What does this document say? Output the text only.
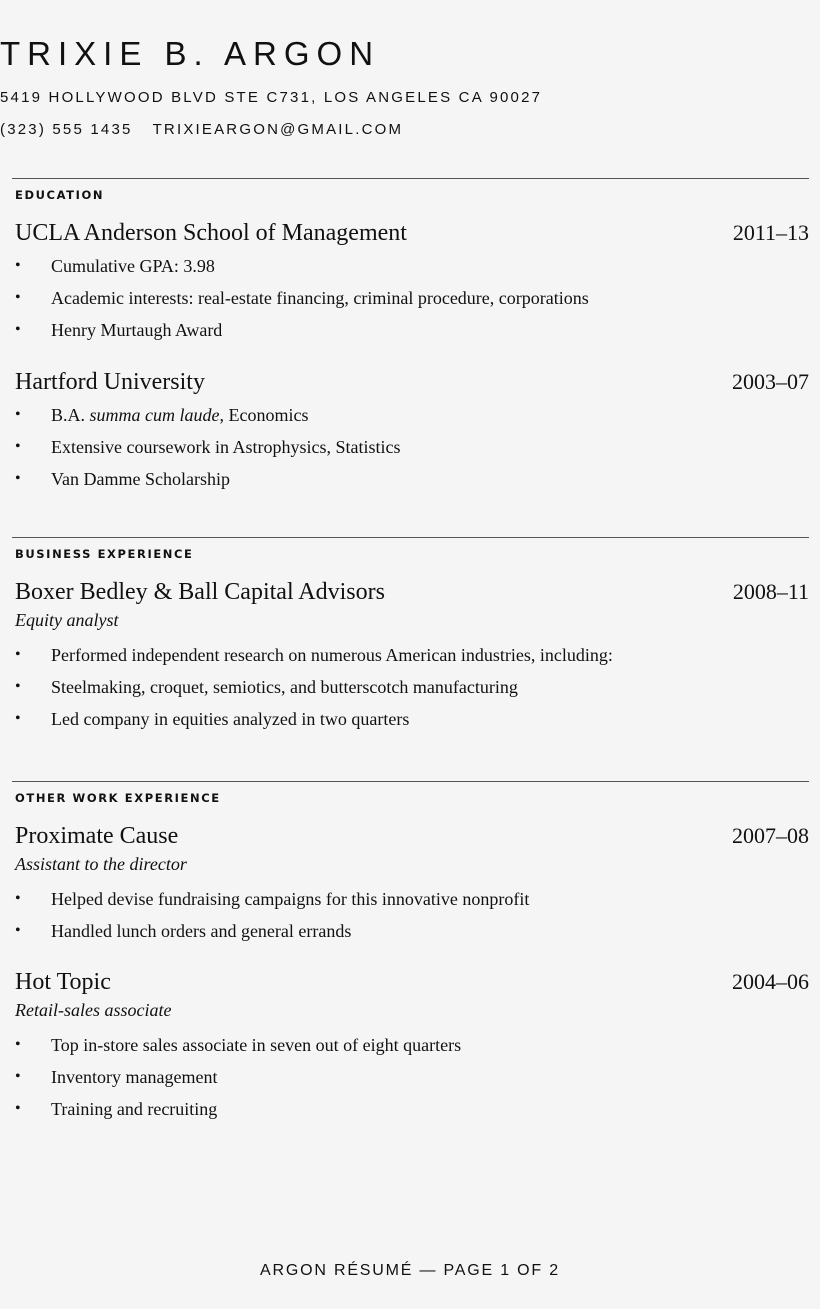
TRIXIE B. ARGON
5419 HOLLYWOOD BLVD STE C731, LOS ANGELES CA 90027
(323) 555 1435 TRIXIEARGON@GMAIL.COM
EDUCATION
UCLA Anderson School of Management	2011–13
• Cumulative GPA: 3.98
• Academic interests: real-estate financing, criminal procedure, corporations
• Henry Murtaugh Award
Hartford University	2003–07
• B.A. summa cum laude, Economics
• Extensive coursework in Astrophysics, Statistics
• Van Damme Scholarship
BUSINESS EXPERIENCE
Boxer Bedley & Ball Capital Advisors	2008–11
Equity analyst
• Performed independent research on numerous American industries, including:
• Steelmaking, croquet, semiotics, and butterscotch manufacturing
• Led company in equities analyzed in two quarters
OTHER WORK EXPERIENCE
Proximate Cause	2007–08
Assistant to the director
• Helped devise fundraising campaigns for this innovative nonprofit
• Handled lunch orders and general errands
Hot Topic	2004–06
Retail-sales associate
• Top in-store sales associate in seven out of eight quarters
• Inventory management
• Training and recruiting
ARGON RÉSUMÉ — PAGE 1 OF 2
